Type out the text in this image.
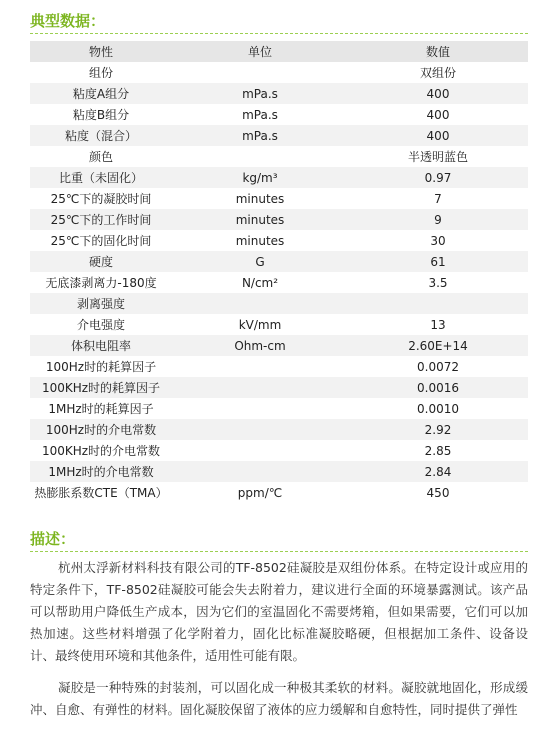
典型数据：
物性	单位	数值
组份		双组份
粘度A组分	mPa.s	400
粘度B组分	mPa.s	400
粘度（混合）	mPa.s	400
颜色		半透明蓝色
比重（未固化）	kg/m³	0.97
25℃下的凝胶时间	minutes	7
25℃下的工作时间	minutes	9
25℃下的固化时间	minutes	30
硬度	G	61
无底漆剥离力-180度	N/cm²	3.5
剥离强度		
介电强度	kV/mm	13
体积电阻率	Ohm-cm	2.60E+14
100Hz时的耗算因子		0.0072
100KHz时的耗算因子		0.0016
1MHz时的耗算因子		0.0010
100Hz时的介电常数		2.92
100KHz时的介电常数		2.85
1MHz时的介电常数		2.84
热膨胀系数CTE（TMA）	ppm/℃	450
描述：

杭州太浮新材料科技有限公司的TF-8502硅凝胶是双组份体系。在特定设计或应用的特定条件下，TF-8502硅凝胶可能会失去附着力，建议进行全面的环境暴露测试。该产品可以帮助用户降低生产成本，因为它们的室温固化不需要烤箱，但如果需要，它们可以加热加速。这些材料增强了化学附着力，固化比标准凝胶略硬，但根据加工条件、设备设计、最终使用环境和其他条件，适用性可能有限。

凝胶是一种特殊的封装剂，可以固化成一种极其柔软的材料。凝胶就地固化，形成缓冲、自愈、有弹性的材料。固化凝胶保留了液体的应力缓解和自愈特性，同时提供了弹性
